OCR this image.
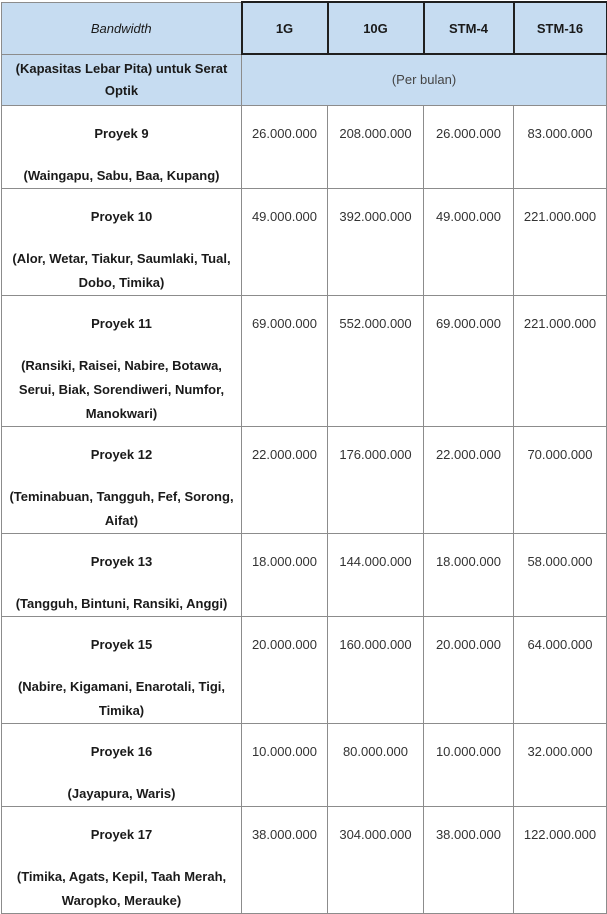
Bandwidth	1G	10G	STM-4	STM-16
(Kapasitas Lebar Pita) untuk Serat Optik	(Per bulan)			

Proyek 9
(Waingapu, Sabu, Baa, Kupang)	26.000.000	208.000.000	26.000.000	83.000.000

Proyek 10
(Alor, Wetar, Tiakur, Saumlaki, Tual, Dobo, Timika)	49.000.000	392.000.000	49.000.000	221.000.000

Proyek 11
(Ransiki, Raisei, Nabire, Botawa, Serui, Biak, Sorendiweri, Numfor, Manokwari)	69.000.000	552.000.000	69.000.000	221.000.000

Proyek 12
(Teminabuan, Tangguh, Fef, Sorong, Aifat)	22.000.000	176.000.000	22.000.000	70.000.000

Proyek 13
(Tangguh, Bintuni, Ransiki, Anggi)	18.000.000	144.000.000	18.000.000	58.000.000

Proyek 15
(Nabire, Kigamani, Enarotali, Tigi, Timika)	20.000.000	160.000.000	20.000.000	64.000.000

Proyek 16
(Jayapura, Waris)	10.000.000	80.000.000	10.000.000	32.000.000

Proyek 17
(Timika, Agats, Kepil, Taah Merah, Waropko, Merauke)	38.000.000	304.000.000	38.000.000	122.000.000
